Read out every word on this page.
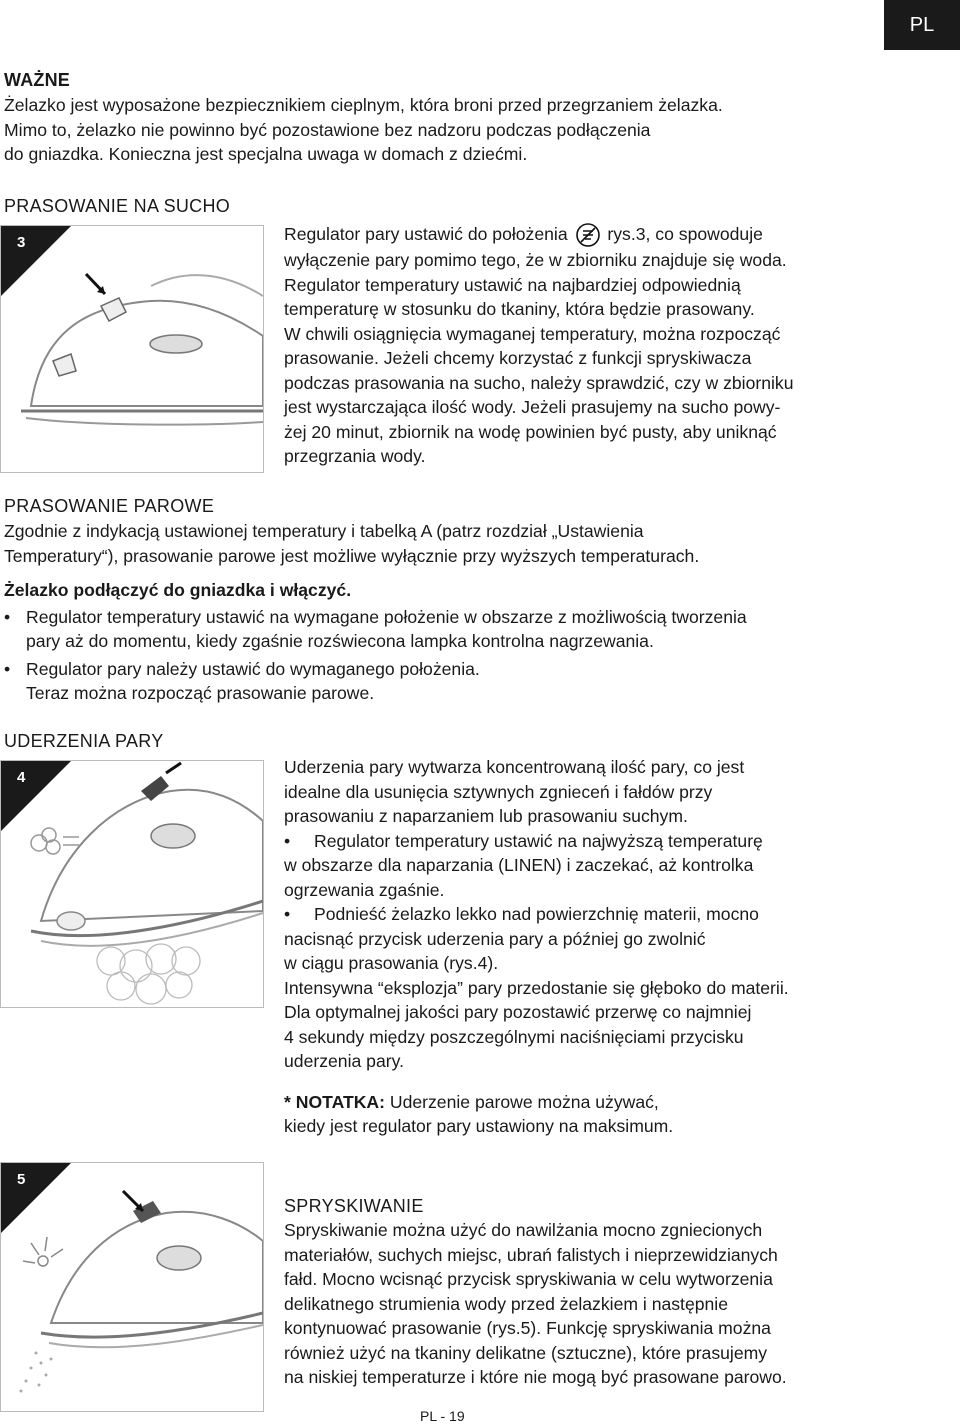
PL

WAŻNE

Żelazko jest wyposażone bezpiecznikiem cieplnym, która broni przed przegrzaniem żelazka.

Mimo to, żelazko nie powinno być pozostawione bez nadzoru podczas podłączenia

do gniazdka. Konieczna jest specjalna uwaga w domach z dziećmi.

PRASOWANIE NA SUCHO

3	Regulator pary ustawić do położenia rys.3, co spowoduje

wyłączenie pary pomimo tego, że w zbiorniku znajduje się woda.

Regulator temperatury ustawić na najbardziej odpowiednią

temperaturę w stosunku do tkaniny, która będzie prasowany.

W chwili osiągnięcia wymaganej temperatury, można rozpocząć

prasowanie. Jeżeli chcemy korzystać z funkcji spryskiwacza

podczas prasowania na sucho, należy sprawdzić, czy w zbiorniku

jest wystarczająca ilość wody. Jeżeli prasujemy na sucho powy-

żej 20 minut, zbiornik na wodę powinien być pusty, aby uniknąć

przegrzania wody.

PRASOWANIE PAROWE

Zgodnie z indykacją ustawionej temperatury i tabelką A (patrz rozdział „Ustawienia

Temperatury“), prasowanie parowe jest możliwe wyłącznie przy wyższych temperaturach.

Żelazko podłączyć do gniazdka i włączyć.

• Regulator temperatury ustawić na wymagane położenie w obszarze z możliwością tworzenia

pary aż do momentu, kiedy zgaśnie rozświecona lampka kontrolna nagrzewania.

• Regulator pary należy ustawić do wymaganego położenia.

Teraz można rozpocząć prasowanie parowe.

UDERZENIA PARY

4

Uderzenia pary wytwarza koncentrowaną ilość pary, co jest

idealne dla usunięcia sztywnych zgnieceń i fałdów przy

prasowaniu z naparzaniem lub prasowaniu suchym.

•	Regulator temperatury ustawić na najwyższą temperaturę

w obszarze dla naparzania (LINEN) i zaczekać, aż kontrolka

ogrzewania zgaśnie.

•	Podnieść żelazko lekko nad powierzchnię materii, mocno

nacisnąć przycisk uderzenia pary a później go zwolnić

w ciągu prasowania (rys.4).

Intensywna “eksplozja” pary przedostanie się głęboko do materii.

Dla optymalnej jakości pary pozostawić przerwę co najmniej

4 sekundy między poszczególnymi naciśnięciami przycisku

uderzenia pary.

* NOTATKA: Uderzenie parowe można używać,

kiedy jest regulator pary ustawiony na maksimum.

5

SPRYSKIWANIE

Spryskiwanie można użyć do nawilżania mocno zgniecionych

materiałów, suchych miejsc, ubrań falistych i nieprzewidzianych

fałd. Mocno wcisnąć przycisk spryskiwania w celu wytworzenia

delikatnego strumienia wody przed żelazkiem i następnie

kontynuować prasowanie (rys.5). Funkcję spryskiwania można

również użyć na tkaniny delikatne (sztuczne), które prasujemy

na niskiej temperaturze i które nie mogą być prasowane parowo.

PL - 19
